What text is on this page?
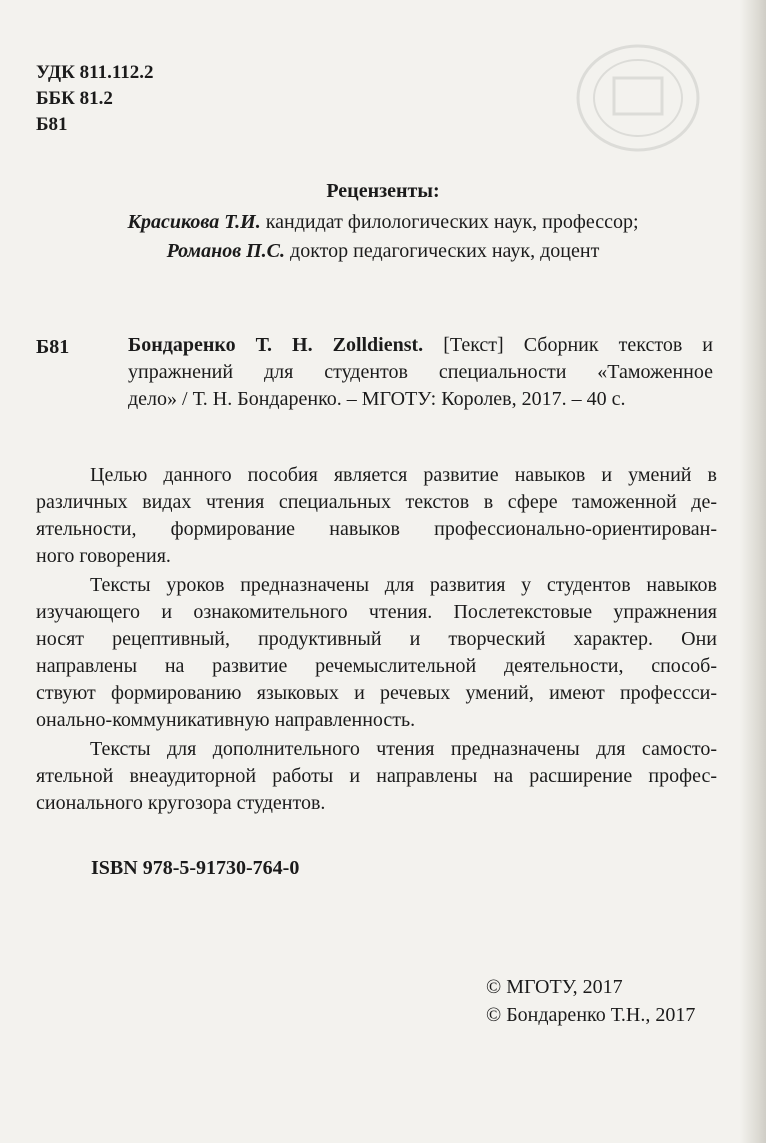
УДК 811.112.2
ББК 81.2
Б81
Рецензенты:
Красикова Т.И. кандидат филологических наук, профессор;
Романов П.С. доктор педагогических наук, доцент
Б81	Бондаренко Т. Н. Zolldienst. [Текст] Сборник текстов и
упражнений для студентов специальности «Таможенное
дело» / Т. Н. Бондаренко. – МГОТУ: Королев, 2017. – 40 с.
Целью данного пособия является развитие навыков и умений в
различных видах чтения специальных текстов в сфере таможенной де-
ятельности, формирование навыков профессионально-ориентирован-
ного говорения.
Тексты уроков предназначены для развития у студентов навыков
изучающего и ознакомительного чтения. Послетекстовые упражнения
носят рецептивный, продуктивный и творческий характер. Они
направлены на развитие речемыслительной деятельности, способ-
ствуют формированию языковых и речевых умений, имеют профессси-
онально-коммуникативную направленность.
Тексты для дополнительного чтения предназначены для самосто-
ятельной внеаудиторной работы и направлены на расширение профес-
сионального кругозора студентов.
ISBN 978-5-91730-764-0
© МГОТУ, 2017
© Бондаренко Т.Н., 2017
